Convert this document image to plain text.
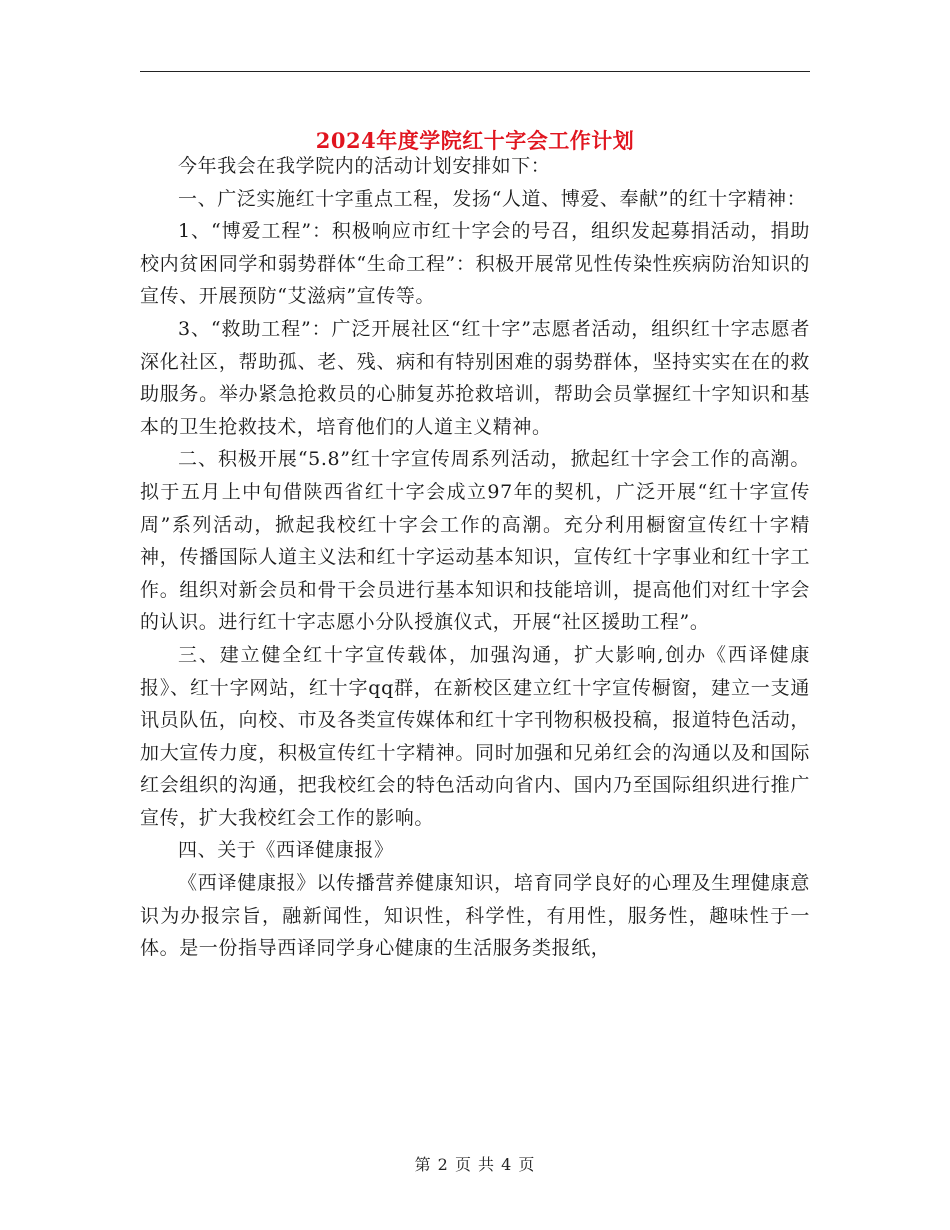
2024年度学院红十字会工作计划

今年我会在我学院内的活动计划安排如下：

一、广泛实施红十字重点工程，发扬“人道、博爱、奉献”的红十字精神：

1、“博爱工程”：积极响应市红十字会的号召，组织发起募捐活动，捐助校内贫困同学和弱势群体“生命工程”：积极开展常见性传染性疾病防治知识的宣传、开展预防“艾滋病”宣传等。

3、“救助工程”：广泛开展社区“红十字”志愿者活动，组织红十字志愿者深化社区，帮助孤、老、残、病和有特别困难的弱势群体，坚持实实在在的救助服务。举办紧急抢救员的心肺复苏抢救培训，帮助会员掌握红十字知识和基本的卫生抢救技术，培育他们的人道主义精神。

二、积极开展“5.8”红十字宣传周系列活动，掀起红十字会工作的高潮。拟于五月上中旬借陕西省红十字会成立97年的契机，广泛开展“红十字宣传周”系列活动，掀起我校红十字会工作的高潮。充分利用橱窗宣传红十字精神，传播国际人道主义法和红十字运动基本知识，宣传红十字事业和红十字工作。组织对新会员和骨干会员进行基本知识和技能培训，提高他们对红十字会的认识。进行红十字志愿小分队授旗仪式，开展“社区援助工程”。

三、建立健全红十字宣传载体，加强沟通，扩大影响,创办《西译健康报》、红十字网站，红十字qq群，在新校区建立红十字宣传橱窗，建立一支通讯员队伍，向校、市及各类宣传媒体和红十字刊物积极投稿，报道特色活动，加大宣传力度，积极宣传红十字精神。同时加强和兄弟红会的沟通以及和国际红会组织的沟通，把我校红会的特色活动向省内、国内乃至国际组织进行推广宣传，扩大我校红会工作的影响。

四、关于《西译健康报》

《西译健康报》以传播营养健康知识，培育同学良好的心理及生理健康意识为办报宗旨，融新闻性，知识性，科学性，有用性，服务性，趣味性于一体。是一份指导西译同学身心健康的生活服务类报纸，

第 2 页 共 4 页
